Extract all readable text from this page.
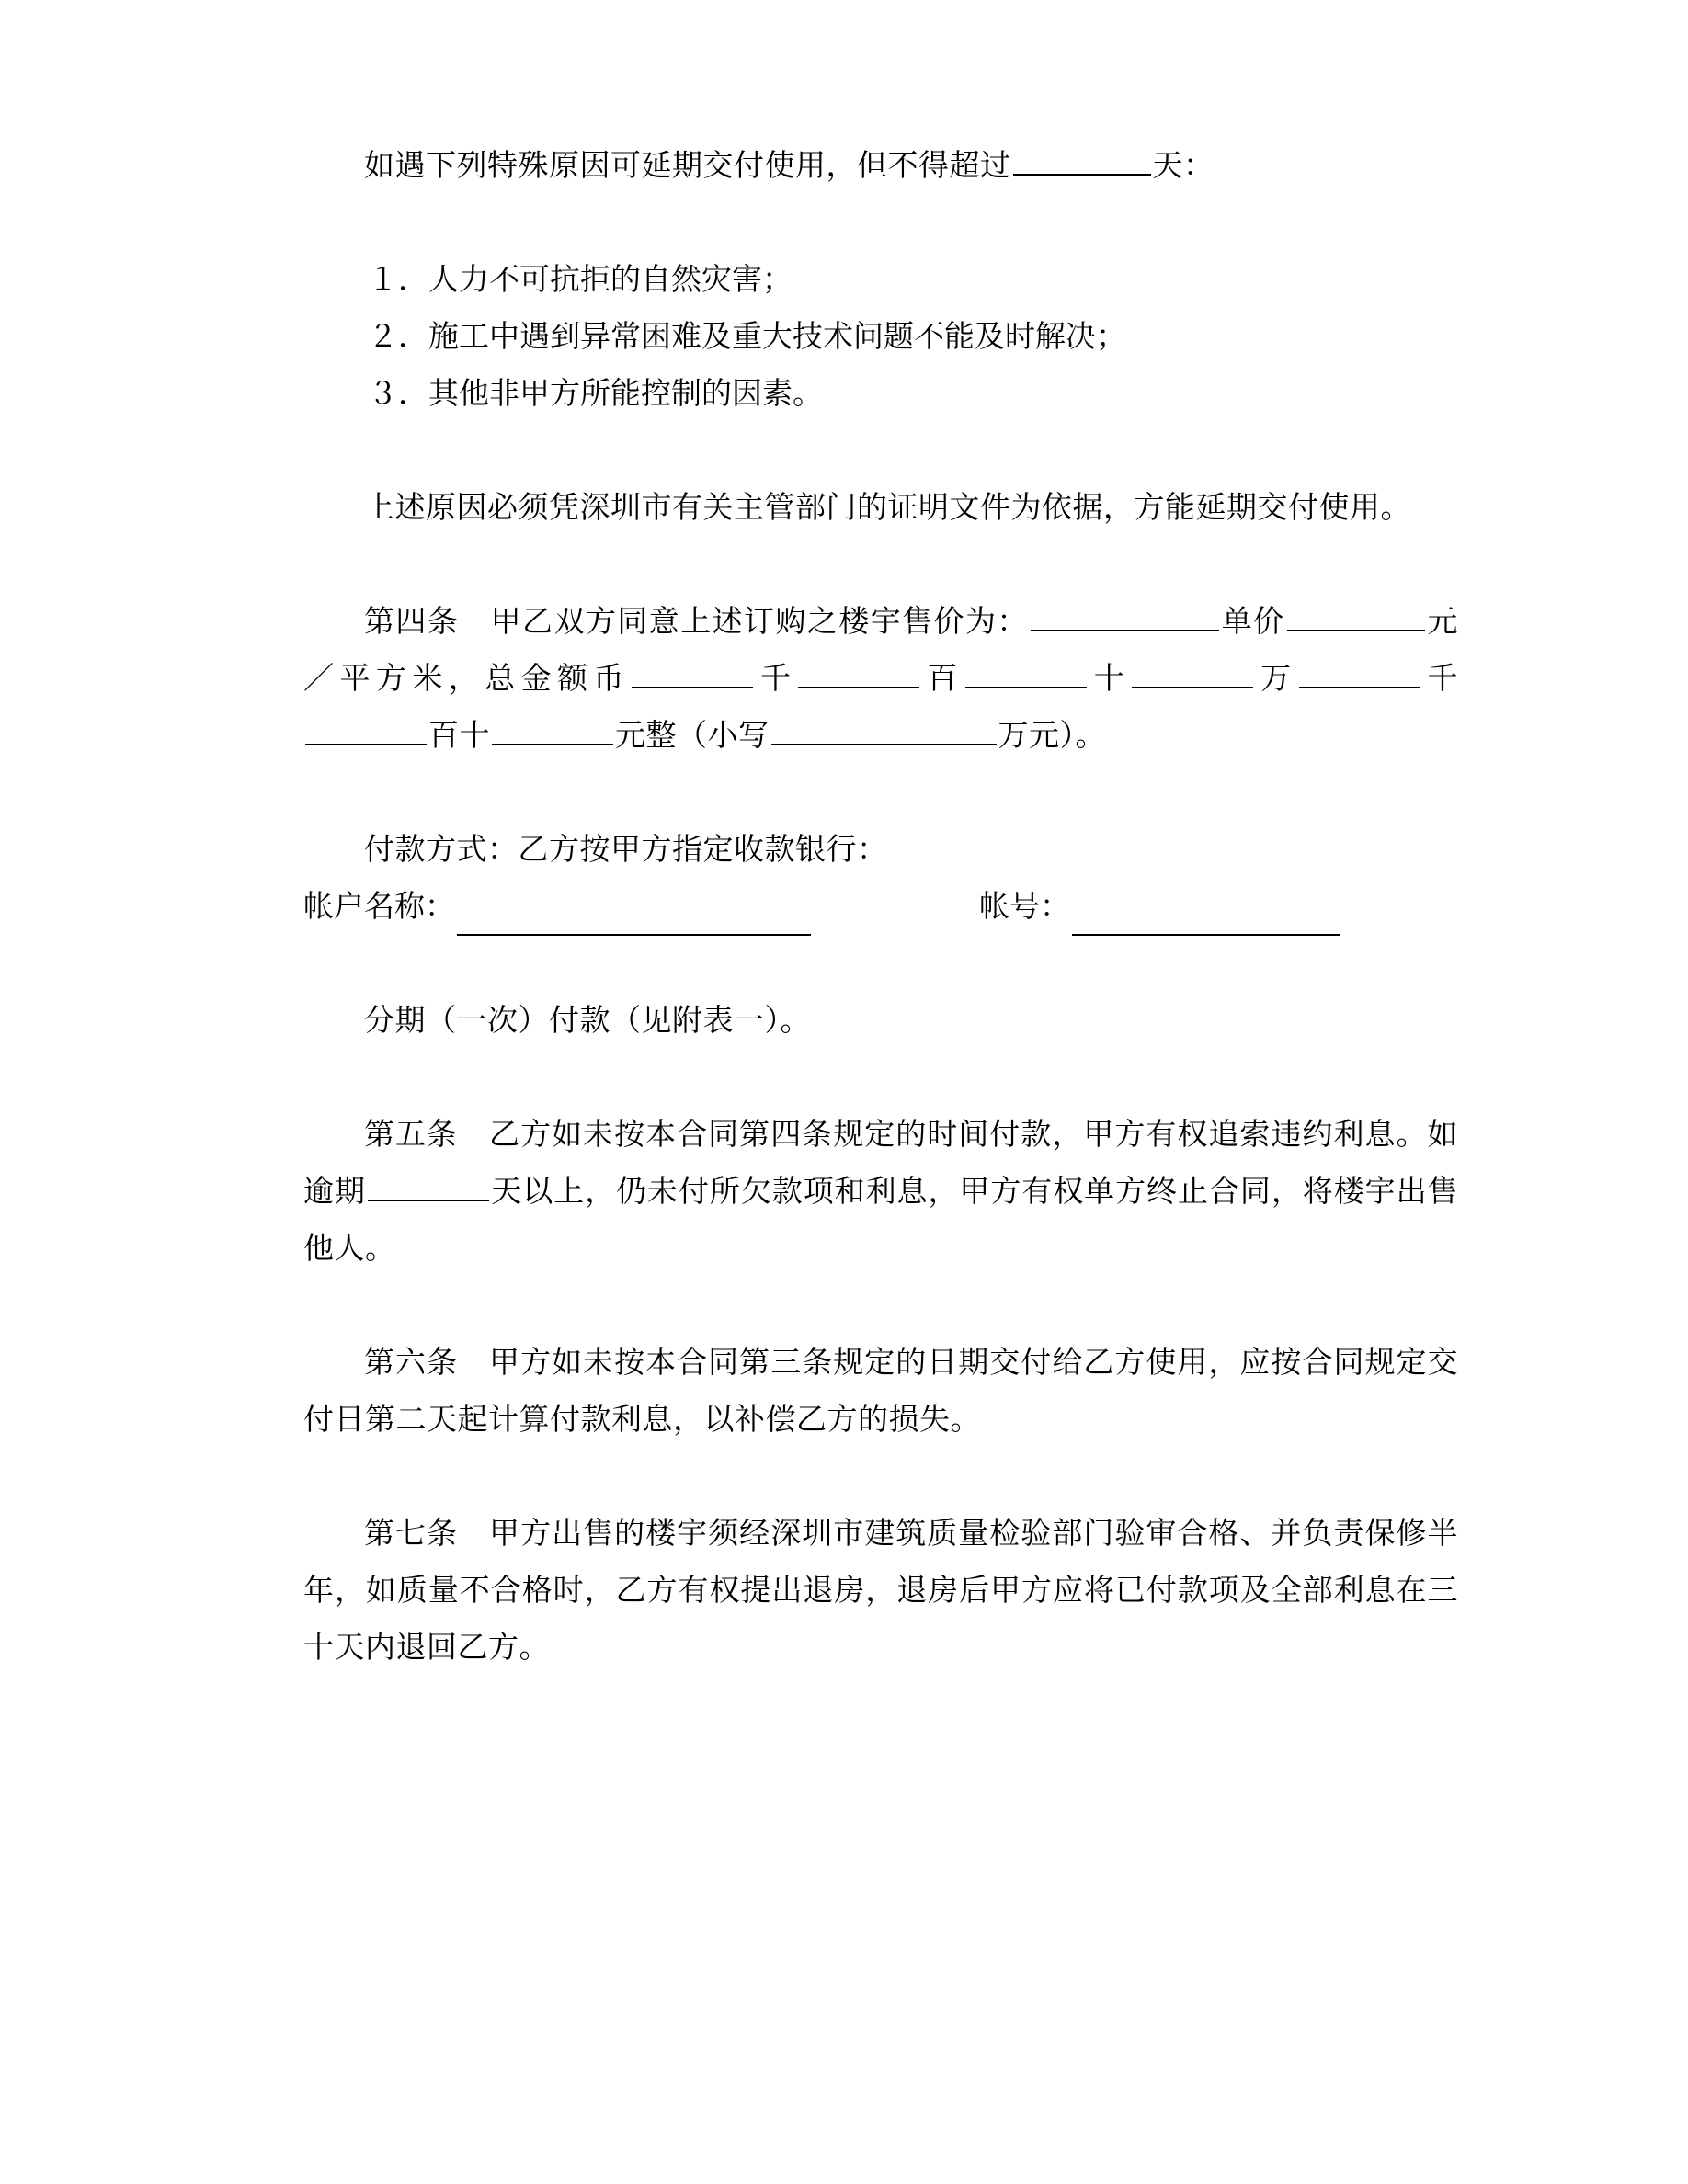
如遇下列特殊原因可延期交付使用，但不得超过	天：

１．人力不可抗拒的自然灾害；

２．施工中遇到异常困难及重大技术问题不能及时解决；

３．其他非甲方所能控制的因素。

上述原因必须凭深圳市有关主管部门的证明文件为依据，方能延期交付使用。

第四条　甲乙双方同意上述订购之楼宇售价为：	单价	元／平方米，总金额币	千	百	十	万	千百十	元整（小写	万元）。

付款方式：乙方按甲方指定收款银行：

帐户名称：	帐号：

分期（一次）付款（见附表一）。

第五条　乙方如未按本合同第四条规定的时间付款，甲方有权追索违约利息。如逾期	天以上，仍未付所欠款项和利息，甲方有权单方终止合同，将楼宇出售他人。

第六条　甲方如未按本合同第三条规定的日期交付给乙方使用，应按合同规定交付日第二天起计算付款利息，以补偿乙方的损失。

第七条　甲方出售的楼宇须经深圳市建筑质量检验部门验审合格、并负责保修半年，如质量不合格时，乙方有权提出退房，退房后甲方应将已付款项及全部利息在三十天内退回乙方。
